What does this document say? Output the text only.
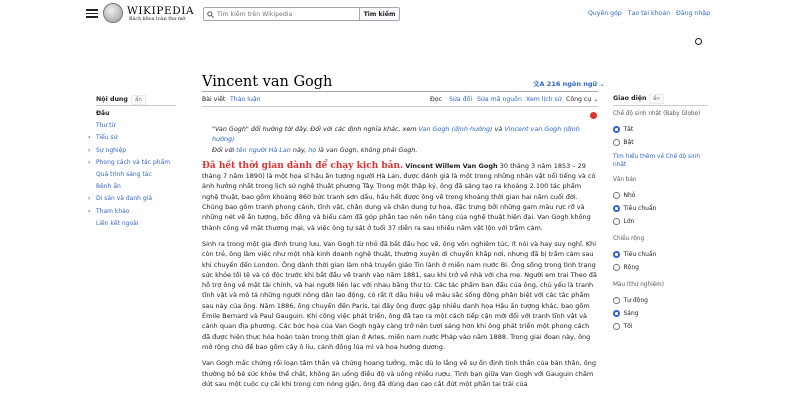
WIKIPEDIA
Bách khoa toàn thư mở
Tìm kiếm trên Wikipedia
Tìm kiếm	Quyên góp Tạo tài khoản Đăng nhập
Vincent van Gogh	文A 216 ngôn ngữ ⌄
Bài viết Thảo luận	Đọc Sửa đổi Sửa mã nguồn Xem lịch sử Công cụ ⌄
Nội dung	ẩn
Đầu
Thư từ
› Tiểu sử
› Sự nghiệp
› Phong cách và tác phẩm
Quá trình sáng tác
Bệnh ẩn
› Di sản và danh giá
› Tham khảo
Liên kết ngoài
Giao diện	ẩn
Chế độ sinh nhật (Baby Globe)
Tắt
Bật
Tìm hiểu thêm về Chế độ sinh nhật
Văn bản
Nhỏ
Tiêu chuẩn
Lớn
Chiều rộng
Tiêu chuẩn
Rộng
Màu (thử nghiệm)
Tự động
Sáng
Tối

"Van Gogh" đổi hướng tới đây. Đối với các định nghĩa khác, xem Van Gogh (định hướng) và Vincent van Gogh (định hướng)
Đối với tên người Hà Lan này, họ là van Gogh, không phải Gogh.

Đã hết thời gian dành để chạy kịch bản. Vincent Willem Van Gogh 30 tháng 3 năm 1853 – 29 tháng 7 năm 1890) là một họa sĩ hậu ấn tượng người Hà Lan, được đánh giá là một trong những nhân vật nổi tiếng và có ảnh hưởng nhất trong lịch sử nghệ thuật phương Tây. Trong một thập kỷ, ông đã sáng tạo ra khoảng 2.100 tác phẩm nghệ thuật, bao gồm khoảng 860 bức tranh sơn dầu, hầu hết được ông vẽ trong khoảng thời gian hai năm cuối đời. Chúng bao gồm tranh phong cảnh, tĩnh vật, chân dung và chân dung tự họa, đặc trưng bởi những gam màu rực rỡ và những nét vẽ ấn tượng, bốc đồng và biểu cảm đã góp phần tạo nên nền tảng của nghệ thuật hiện đại. Van Gogh không thành công về mặt thương mại, và việc ông tự sát ở tuổi 37 diễn ra sau nhiều năm vật lộn với trầm cảm.

Sinh ra trong một gia đình trung lưu, Van Gogh từ nhỏ đã bắt đầu học vẽ, ông vốn nghiêm túc, ít nói và hay suy nghĩ. Khi còn trẻ, ông làm việc như một nhà kinh doanh nghệ thuật, thường xuyên di chuyển khắp nơi, nhưng đã bị trầm cảm sau khi chuyển đến London. Ông dành thời gian làm nhà truyền giáo Tin lành ở miền nam nước Bỉ. Ông sống trong tình trạng sức khỏe tồi tệ và cô độc trước khi bắt đầu vẽ tranh vào năm 1881, sau khi trở về nhà với cha mẹ. Người em trai Theo đã hỗ trợ ông về mặt tài chính, và hai người liên lạc với nhau bằng thư từ. Các tác phẩm ban đầu của ông, chủ yếu là tranh tĩnh vật và mô tả những người nông dân lao động, có rất ít dấu hiệu về màu sắc sống động phân biệt với các tác phẩm sau này của ông. Năm 1886, ông chuyển đến Paris, tại đây ông được gặp nhiều danh họa Hậu ấn tượng khác, bao gồm Émile Bernard và Paul Gauguin. Khi công việc phát triển, ông đã tạo ra một cách tiếp cận mới đối với tranh tĩnh vật và cảnh quan địa phương. Các bức họa của Van Gogh ngày càng trở nên tươi sáng hơn khi ông phát triển một phong cách đã được hiện thực hóa hoàn toàn trong thời gian ở Arles, miền nam nước Pháp vào năm 1888. Trong giai đoạn này, ông mở rộng chủ đề bao gồm cây ô liu, cánh đồng lúa mì và hoa hướng dương.

Van Gogh mắc chứng rối loạn tâm thần và chứng hoang tưởng, mặc dù lo lắng về sự ổn định tinh thần của bản thân, ông thường bỏ bê sức khỏe thể chất, không ăn uống điều độ và uống nhiều rượu. Tình bạn giữa Van Gogh với Gauguin chấm dứt sau một cuộc cự cãi khi trong cơn nóng giận, ông đã dùng dao cạo cắt đứt một phần tai trái của
